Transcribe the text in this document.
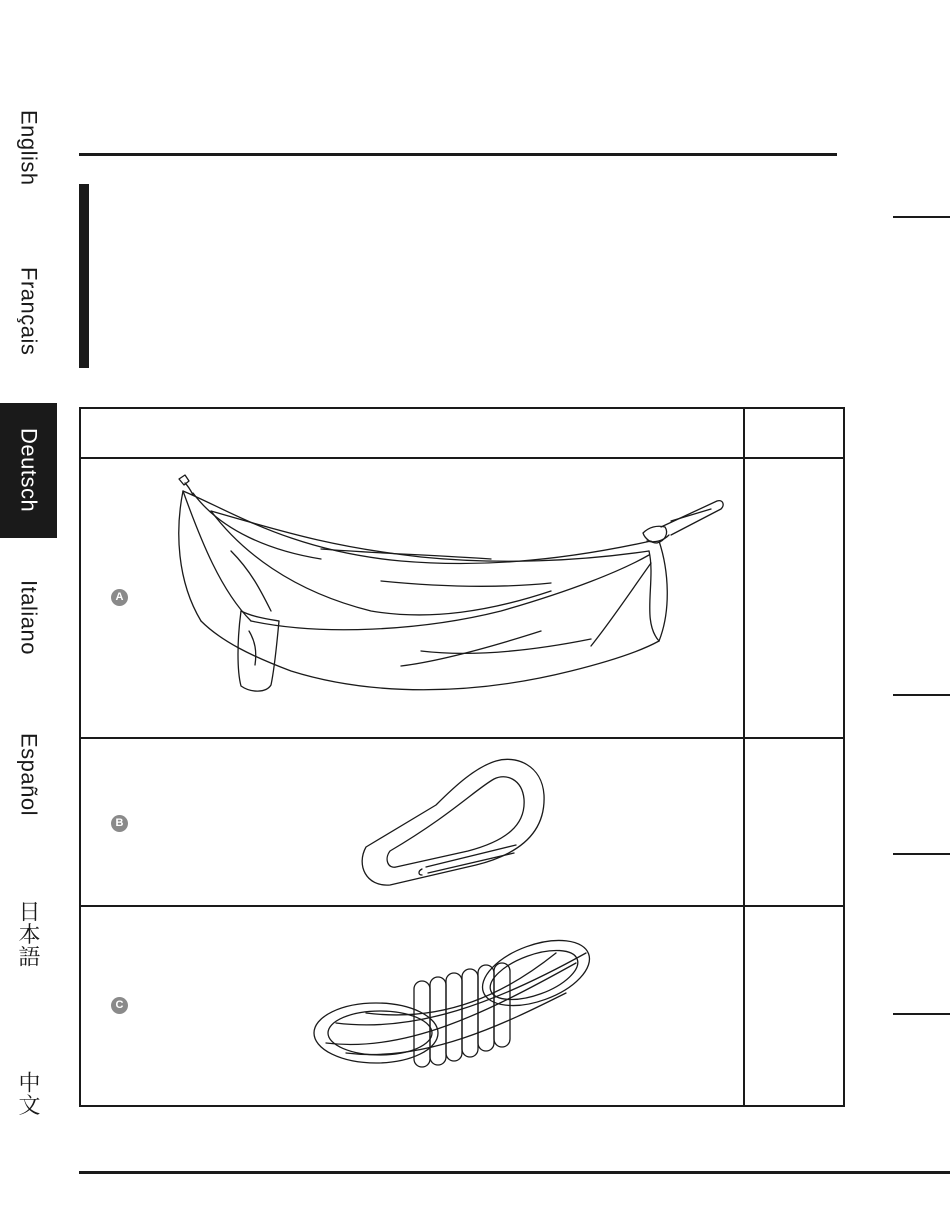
A	

B	

C	

English
Français
Deutsch
Italiano
Español
日本語
中文
